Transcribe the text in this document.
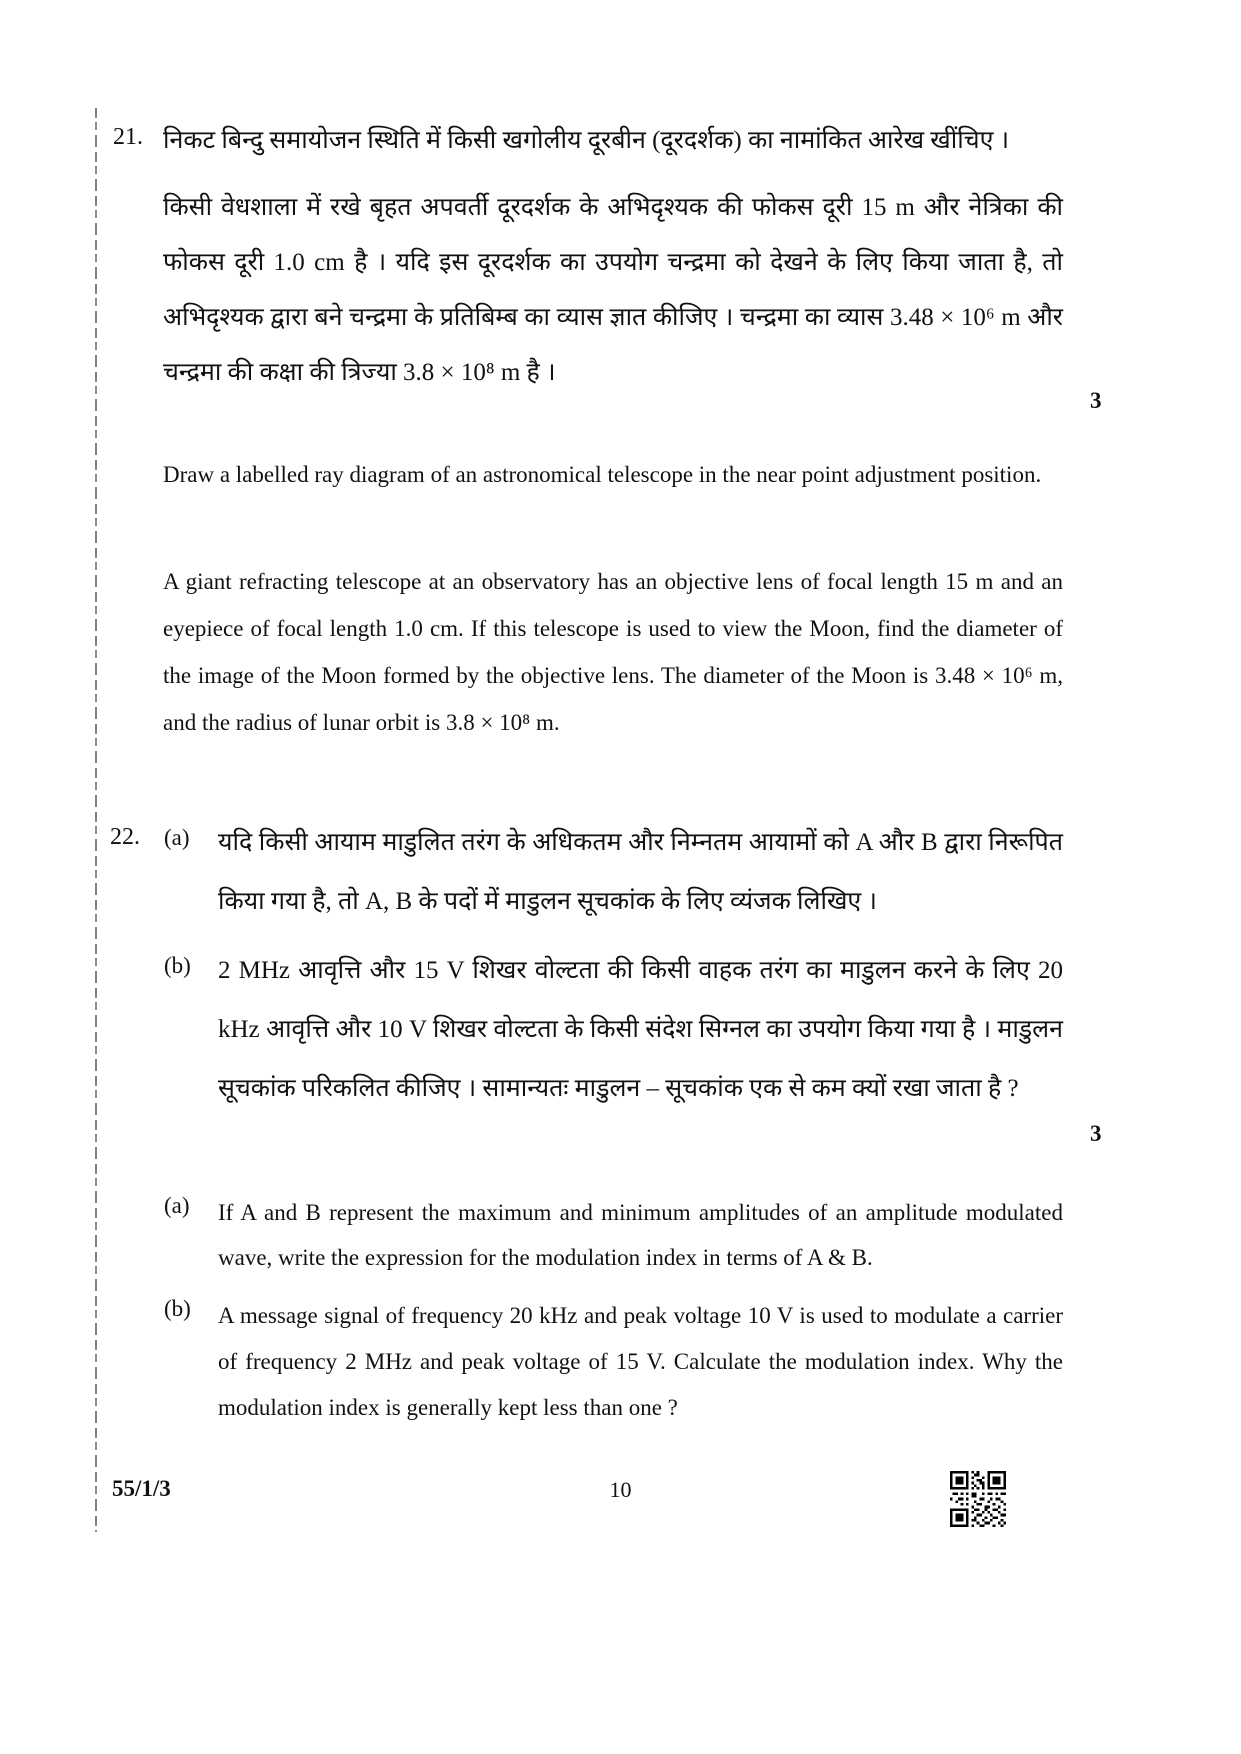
21. निकट बिन्दु समायोजन स्थिति में किसी खगोलीय दूरबीन (दूरदर्शक) का नामांकित आरेख खींचिए ।
किसी वेधशाला में रखे बृहत अपवर्ती दूरदर्शक के अभिदृश्यक की फोकस दूरी 15 m और नेत्रिका की फोकस दूरी 1.0 cm है । यदि इस दूरदर्शक का उपयोग चन्द्रमा को देखने के लिए किया जाता है, तो अभिदृश्यक द्वारा बने चन्द्रमा के प्रतिबिम्ब का व्यास ज्ञात कीजिए । चन्द्रमा का व्यास 3.48 × 10⁶ m और चन्द्रमा की कक्षा की त्रिज्या 3.8 × 10⁸ m है ।
3
Draw a labelled ray diagram of an astronomical telescope in the near point adjustment position.
A giant refracting telescope at an observatory has an objective lens of focal length 15 m and an eyepiece of focal length 1.0 cm. If this telescope is used to view the Moon, find the diameter of the image of the Moon formed by the objective lens. The diameter of the Moon is 3.48 × 10⁶ m, and the radius of lunar orbit is 3.8 × 10⁸ m.
22. (a) यदि किसी आयाम माडुलित तरंग के अधिकतम और निम्नतम आयामों को A और B द्वारा निरूपित किया गया है, तो A, B के पदों में माडुलन सूचकांक के लिए व्यंजक लिखिए ।
(b) 2 MHz आवृत्ति और 15 V शिखर वोल्टता की किसी वाहक तरंग का माडुलन करने के लिए 20 kHz आवृत्ति और 10 V शिखर वोल्टता के किसी संदेश सिग्नल का उपयोग किया गया है । माडुलन सूचकांक परिकलित कीजिए । सामान्यतः माडुलन – सूचकांक एक से कम क्यों रखा जाता है ?
3
(a) If A and B represent the maximum and minimum amplitudes of an amplitude modulated wave, write the expression for the modulation index in terms of A & B.
(b) A message signal of frequency 20 kHz and peak voltage 10 V is used to modulate a carrier of frequency 2 MHz and peak voltage of 15 V. Calculate the modulation index. Why the modulation index is generally kept less than one ?
55/1/3	10
